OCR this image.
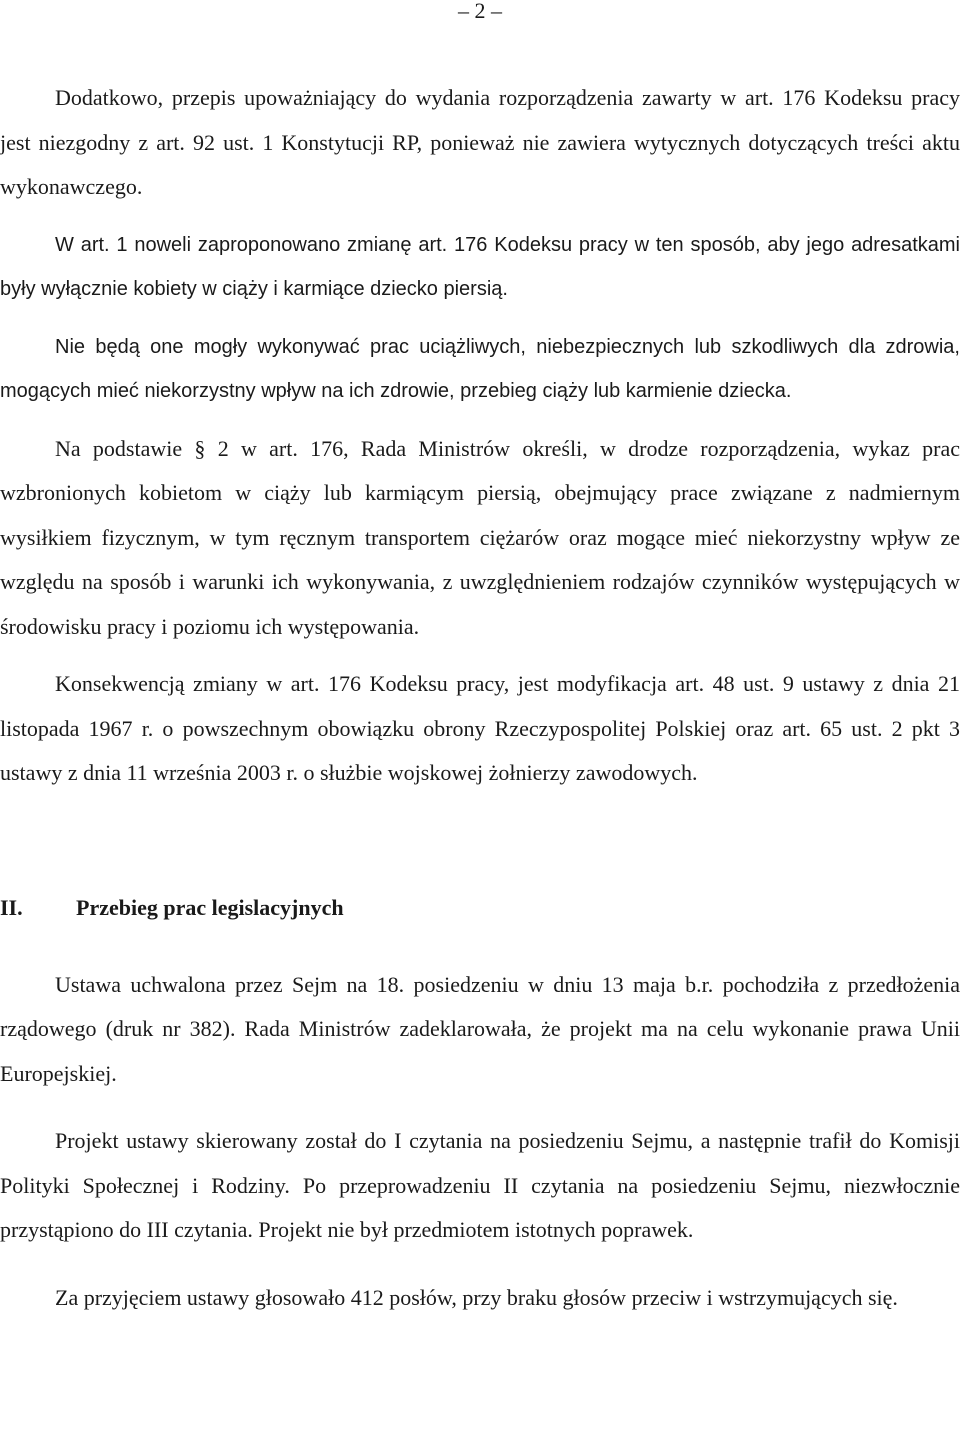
– 2 –

Dodatkowo, przepis upoważniający do wydania rozporządzenia zawarty w art. 176 Kodeksu pracy jest niezgodny z art. 92 ust. 1 Konstytucji RP, ponieważ nie zawiera wytycznych dotyczących treści aktu wykonawczego.

W art. 1 noweli zaproponowano zmianę art. 176 Kodeksu pracy w ten sposób, aby jego adresatkami były wyłącznie kobiety w ciąży i karmiące dziecko piersią.

Nie będą one mogły wykonywać prac uciążliwych, niebezpiecznych lub szkodliwych dla zdrowia, mogących mieć niekorzystny wpływ na ich zdrowie, przebieg ciąży lub karmienie dziecka.

Na podstawie § 2 w art. 176, Rada Ministrów określi, w drodze rozporządzenia, wykaz prac wzbronionych kobietom w ciąży lub karmiącym piersią, obejmujący prace związane z nadmiernym wysiłkiem fizycznym, w tym ręcznym transportem ciężarów oraz mogące mieć niekorzystny wpływ ze względu na sposób i warunki ich wykonywania, z uwzględnieniem rodzajów czynników występujących w środowisku pracy i poziomu ich występowania.

Konsekwencją zmiany w art. 176 Kodeksu pracy, jest modyfikacja art. 48 ust. 9 ustawy z dnia 21 listopada 1967 r. o powszechnym obowiązku obrony Rzeczypospolitej Polskiej oraz art. 65 ust. 2 pkt 3 ustawy z dnia 11 września 2003 r. o służbie wojskowej żołnierzy zawodowych.

II.	Przebieg prac legislacyjnych

Ustawa uchwalona przez Sejm na 18. posiedzeniu w dniu 13 maja b.r. pochodziła z przedłożenia rządowego (druk nr 382). Rada Ministrów zadeklarowała, że projekt ma na celu wykonanie prawa Unii Europejskiej.

Projekt ustawy skierowany został do I czytania na posiedzeniu Sejmu, a następnie trafił do Komisji Polityki Społecznej i Rodziny. Po przeprowadzeniu II czytania na posiedzeniu Sejmu, niezwłocznie przystąpiono do III czytania. Projekt nie był przedmiotem istotnych poprawek.

Za przyjęciem ustawy głosowało 412 posłów, przy braku głosów przeciw i wstrzymujących się.
